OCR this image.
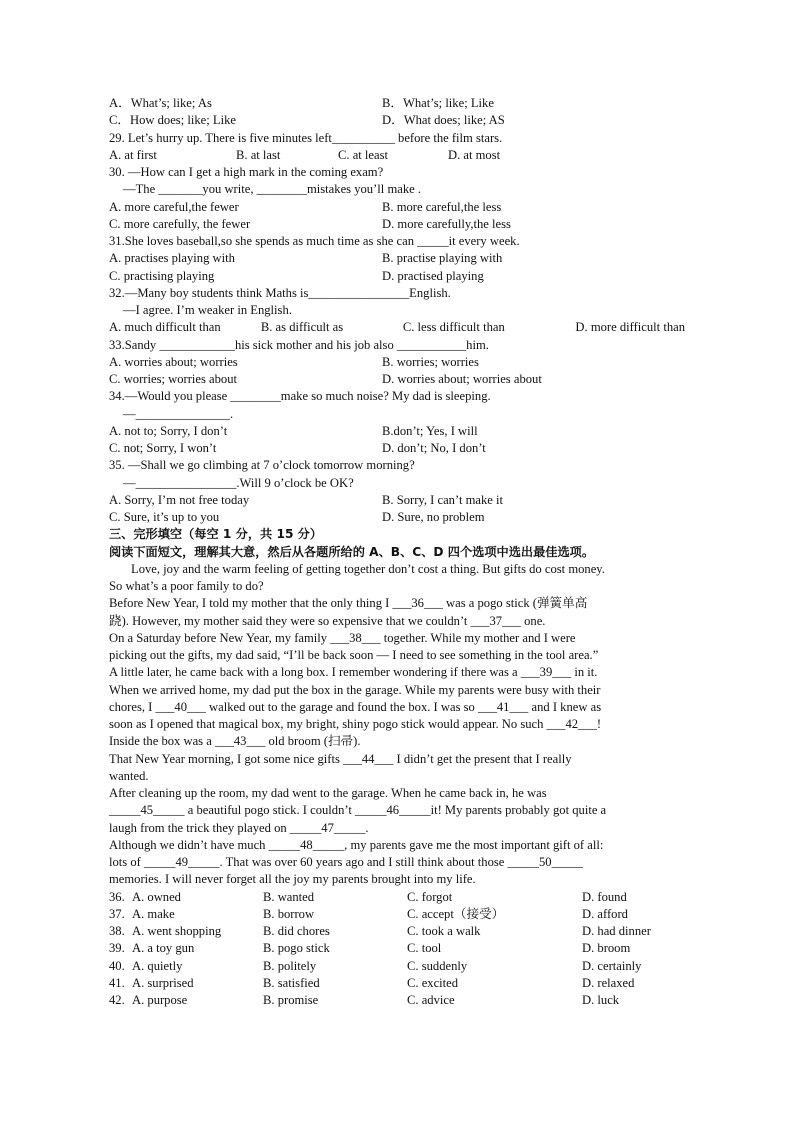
A．What’s; like; As	B．What’s; like; Like
C．How does; like; Like	D．What does; like; AS
29. Let’s hurry up. There is five minutes left__________ before the film stars.
A. at first	B. at last	C. at least	D. at most
30. —How can I get a high mark in the coming exam?
—The _______you write, ________mistakes you’ll make .
A. more careful,the fewer	B. more careful,the less
C. more carefully, the fewer	D. more carefully,the less
31.She loves baseball,so she spends as much time as she can _____it every week.
A. practises playing with	B. practise playing with
C. practising playing	D. practised playing
32.—Many boy students think Maths is________________English.
—I agree. I’m weaker in English.
A. much difficult than	B. as difficult as	C. less difficult than	D. more difficult than
33.Sandy ____________his sick mother and his job also ___________him.
A. worries about; worries	B. worries; worries
C. worries; worries about	D. worries about; worries about
34.—Would you please ________make so much noise? My dad is sleeping.
—_______________.
A. not to; Sorry, I don’t	B.don’t; Yes, I will
C. not; Sorry, I won’t	D. don’t; No, I don’t
35. —Shall we go climbing at 7 o’clock tomorrow morning?
—________________.Will 9 o’clock be OK?
A. Sorry, I’m not free today	B. Sorry, I can’t make it
C. Sure, it’s up to you	D. Sure, no problem
三、完形填空（每空 1 分，共 15 分）
阅读下面短文，理解其大意，然后从各题所给的 A、B、C、D 四个选项中选出最佳选项。
Love, joy and the warm feeling of getting together don’t cost a thing. But gifts do cost money.
So what’s a poor family to do?
Before New Year, I told my mother that the only thing I ___36___ was a pogo stick (弹簧单高
跷). However, my mother said they were so expensive that we couldn’t ___37___ one.
On a Saturday before New Year, my family ___38___ together. While my mother and I were
picking out the gifts, my dad said, “I’ll be back soon — I need to see something in the tool area.”
A little later, he came back with a long box. I remember wondering if there was a ___39___ in it.
When we arrived home, my dad put the box in the garage. While my parents were busy with their
chores, I ___40___ walked out to the garage and found the box. I was so ___41___ and I knew as
soon as I opened that magical box, my bright, shiny pogo stick would appear. No such ___42___!
Inside the box was a ___43___ old broom (扫帚).
That New Year morning, I got some nice gifts ___44___ I didn’t get the present that I really
wanted.
After cleaning up the room, my dad went to the garage. When he came back in, he was
_____45_____ a beautiful pogo stick. I couldn’t _____46_____it! My parents probably got quite a
laugh from the trick they played on _____47_____.
Although we didn’t have much _____48_____, my parents gave me the most important gift of all:
lots of _____49_____. That was over 60 years ago and I still think about those _____50_____
memories. I will never forget all the joy my parents brought into my life.
36. A. owned	B. wanted	C. forgot	D. found
37. A. make	B. borrow	C. accept（接受）	D. afford
38. A. went shopping	B. did chores	C. took a walk	D. had dinner
39. A. a toy gun	B. pogo stick	C. tool	D. broom
40. A. quietly	B. politely	C. suddenly	D. certainly
41. A. surprised	B. satisfied	C. excited	D. relaxed
42. A. purpose	B. promise	C. advice	D. luck
